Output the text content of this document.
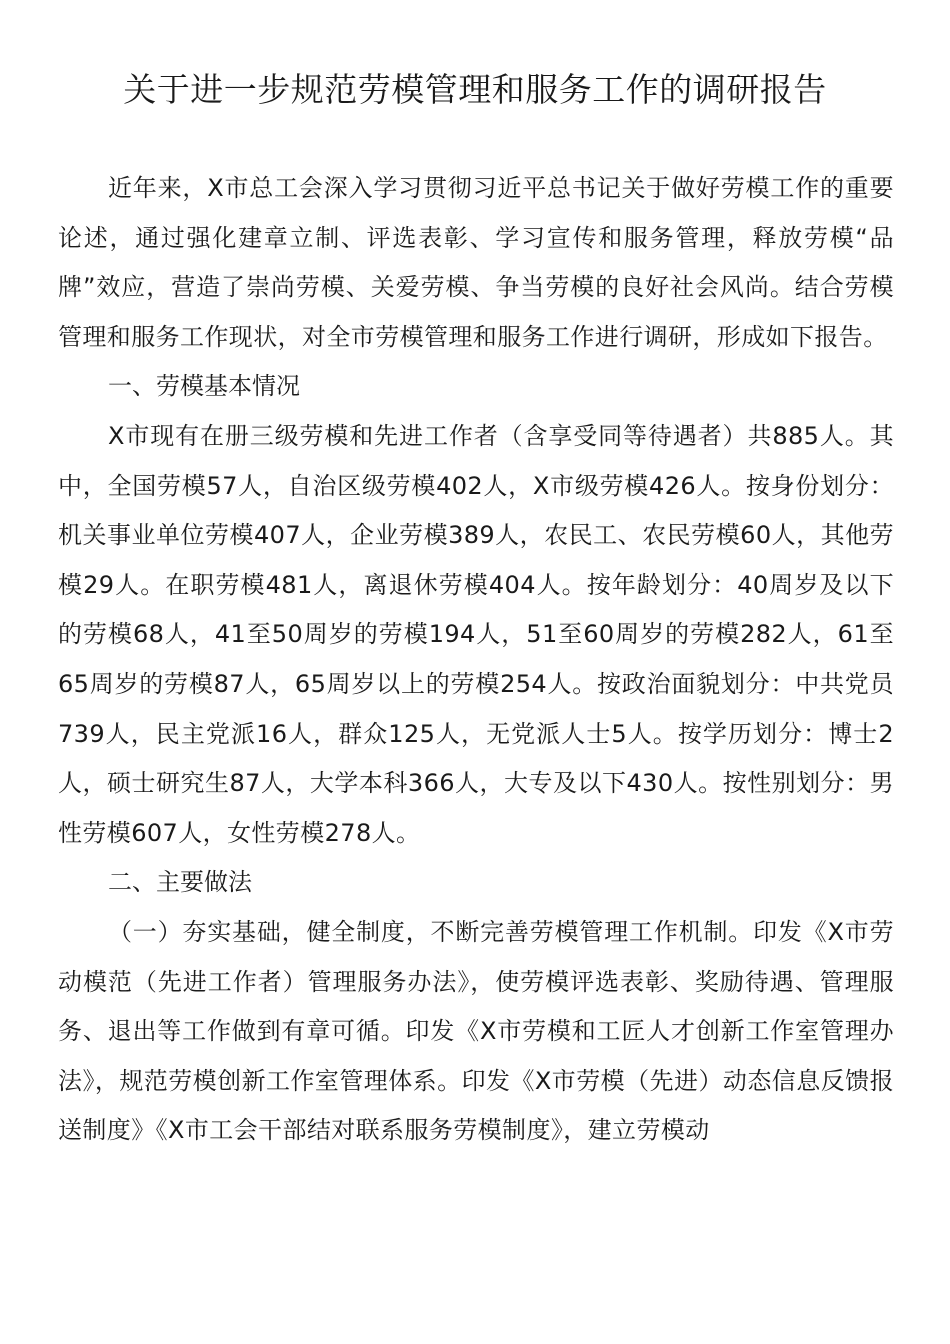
关于进一步规范劳模管理和服务工作的调研报告

近年来，X市总工会深入学习贯彻习近平总书记关于做好劳模工作的重要论述，通过强化建章立制、评选表彰、学习宣传和服务管理，释放劳模“品牌”效应，营造了崇尚劳模、关爱劳模、争当劳模的良好社会风尚。结合劳模管理和服务工作现状，对全市劳模管理和服务工作进行调研，形成如下报告。

一、劳模基本情况

X市现有在册三级劳模和先进工作者（含享受同等待遇者）共885人。其中，全国劳模57人，自治区级劳模402人，X市级劳模426人。按身份划分：机关事业单位劳模407人，企业劳模389人，农民工、农民劳模60人，其他劳模29人。在职劳模481人，离退休劳模404人。按年龄划分：40周岁及以下的劳模68人，41至50周岁的劳模194人，51至60周岁的劳模282人，61至65周岁的劳模87人，65周岁以上的劳模254人。按政治面貌划分：中共党员739人，民主党派16人，群众125人，无党派人士5人。按学历划分：博士2人，硕士研究生87人，大学本科366人，大专及以下430人。按性别划分：男性劳模607人，女性劳模278人。

二、主要做法

（一）夯实基础，健全制度，不断完善劳模管理工作机制。印发《X市劳动模范（先进工作者）管理服务办法》，使劳模评选表彰、奖励待遇、管理服务、退出等工作做到有章可循。印发《X市劳模和工匠人才创新工作室管理办法》，规范劳模创新工作室管理体系。印发《X市劳模（先进）动态信息反馈报送制度》《X市工会干部结对联系服务劳模制度》，建立劳模动
